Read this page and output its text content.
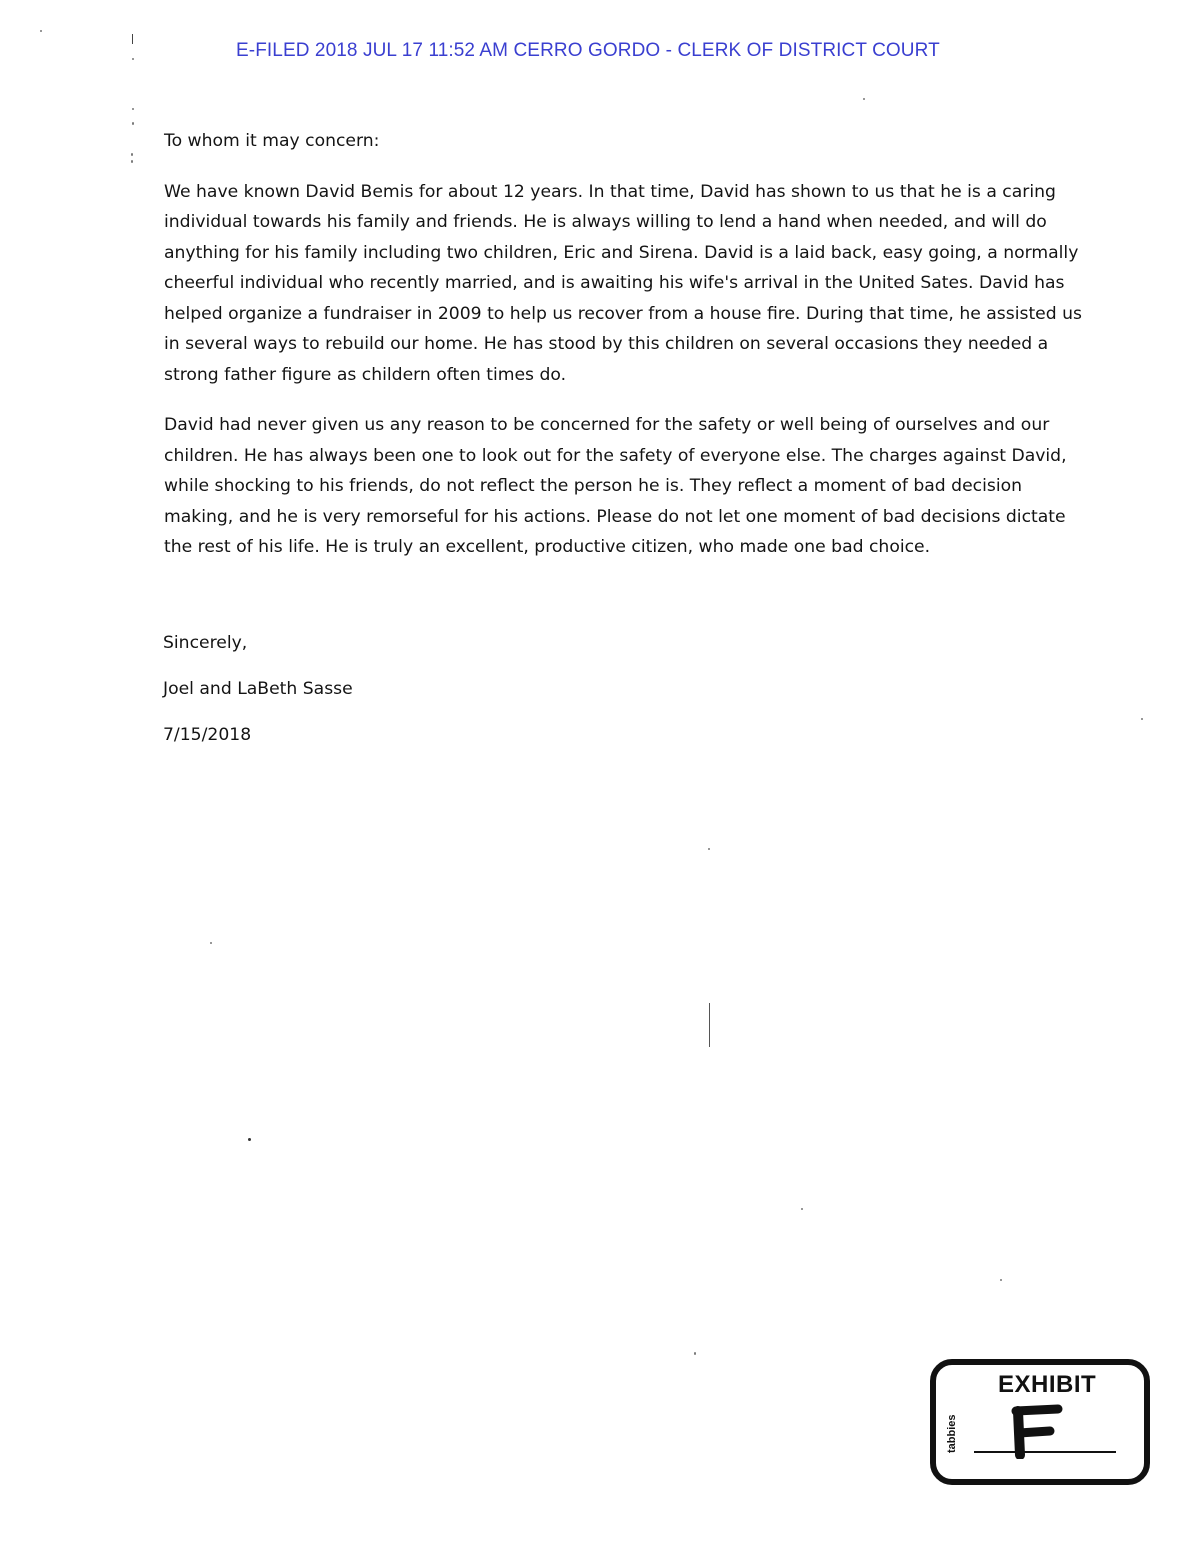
E-FILED 2018 JUL 17 11:52 AM CERRO GORDO - CLERK OF DISTRICT COURT

To whom it may concern:

We have known David Bemis for about 12 years. In that time, David has shown to us that he is a caring individual towards his family and friends. He is always willing to lend a hand when needed, and will do anything for his family including two children, Eric and Sirena. David is a laid back, easy going, a normally cheerful individual who recently married, and is awaiting his wife's arrival in the United Sates. David has helped organize a fundraiser in 2009 to help us recover from a house fire. During that time, he assisted us in several ways to rebuild our home. He has stood by this children on several occasions they needed a strong father figure as childern often times do.

David had never given us any reason to be concerned for the safety or well being of ourselves and our children. He has always been one to look out for the safety of everyone else. The charges against David, while shocking to his friends, do not reflect the person he is. They reflect a moment of bad decision making, and he is very remorseful for his actions. Please do not let one moment of bad decisions dictate the rest of his life. He is truly an excellent, productive citizen, who made one bad choice.

Sincerely,
Joel and LaBeth Sasse
7/15/2018
EXHIBIT
tabbies
